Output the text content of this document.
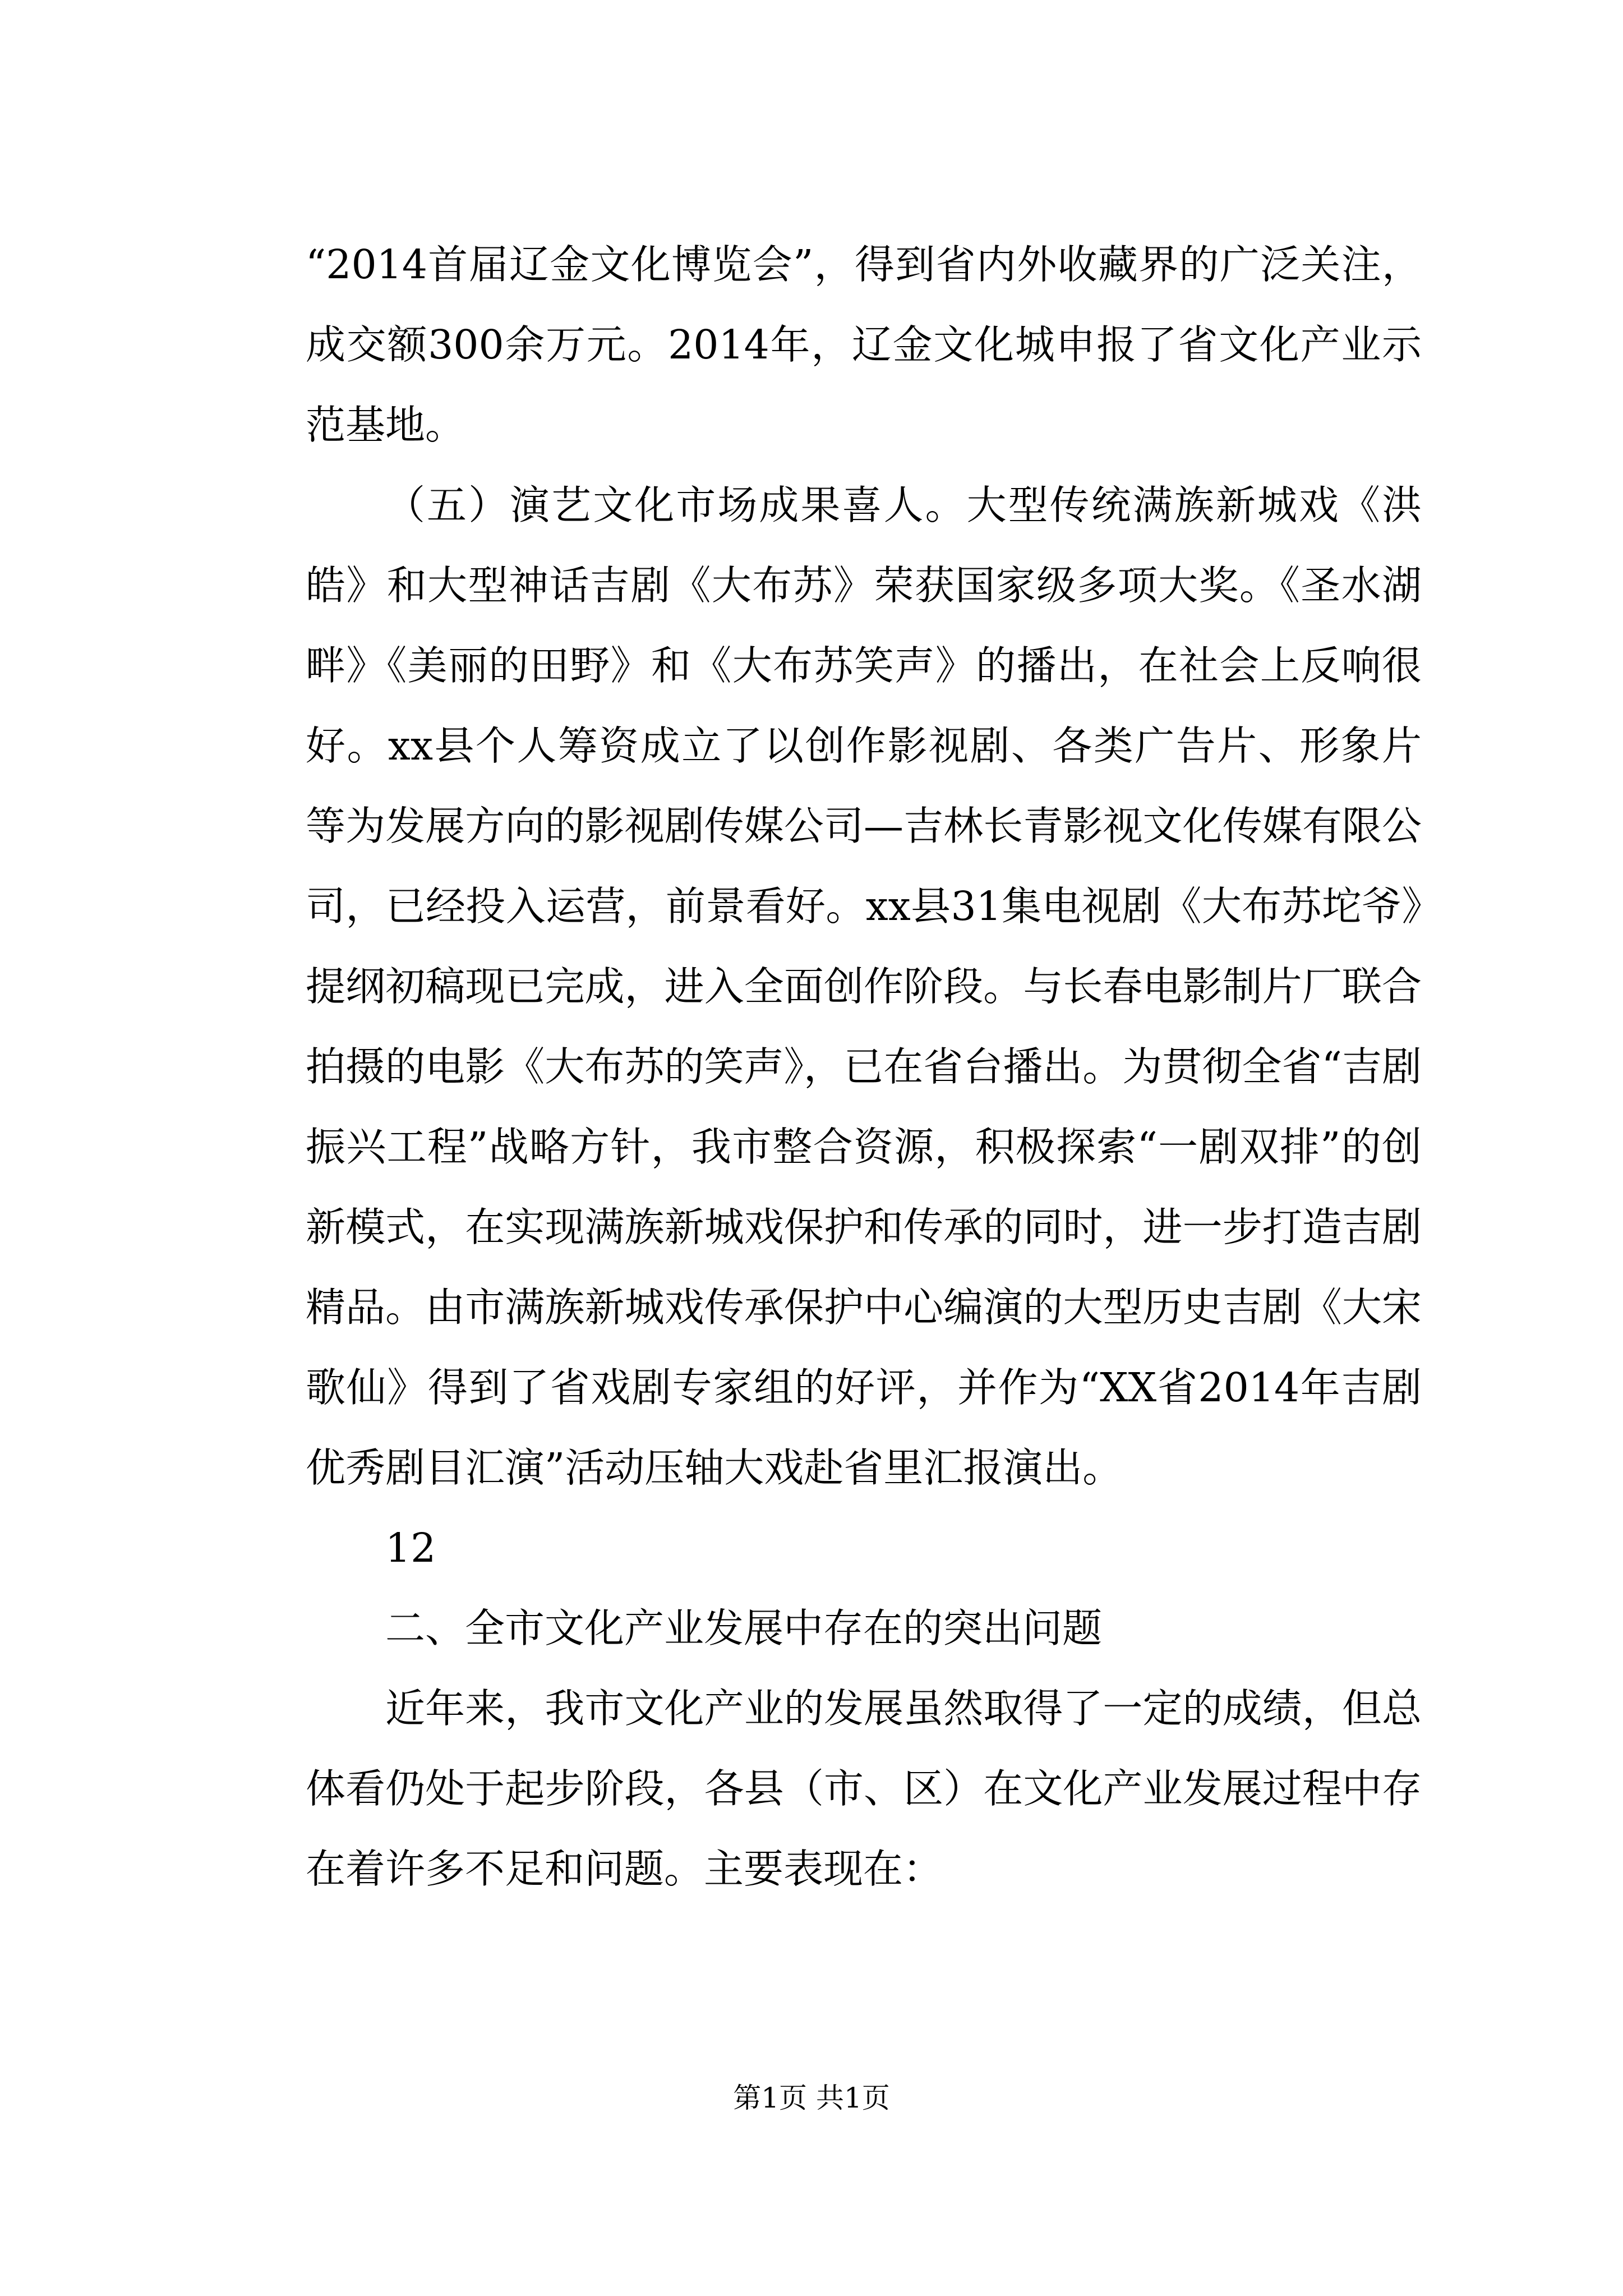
“2014首届辽金文化博览会”，得到省内外收藏界的广泛关注，成交额300余万元。2014年，辽金文化城申报了省文化产业示范基地。

（五）演艺文化市场成果喜人。大型传统满族新城戏《洪皓》和大型神话吉剧《大布苏》荣获国家级多项大奖。《圣水湖畔》《美丽的田野》和《大布苏笑声》的播出，在社会上反响很好。xx县个人筹资成立了以创作影视剧、各类广告片、形象片等为发展方向的影视剧传媒公司—吉林长青影视文化传媒有限公司，已经投入运营，前景看好。xx县31集电视剧《大布苏坨爷》提纲初稿现已完成，进入全面创作阶段。与长春电影制片厂联合拍摄的电影《大布苏的笑声》，已在省台播出。为贯彻全省“吉剧振兴工程”战略方针，我市整合资源，积极探索“一剧双排”的创新模式，在实现满族新城戏保护和传承的同时，进一步打造吉剧精品。由市满族新城戏传承保护中心编演的大型历史吉剧《大宋歌仙》得到了省戏剧专家组的好评，并作为“XX省2014年吉剧优秀剧目汇演”活动压轴大戏赴省里汇报演出。

12

二、全市文化产业发展中存在的突出问题

近年来，我市文化产业的发展虽然取得了一定的成绩，但总体看仍处于起步阶段，各县（市、区）在文化产业发展过程中存在着许多不足和问题。主要表现在：

第1页 共1页
